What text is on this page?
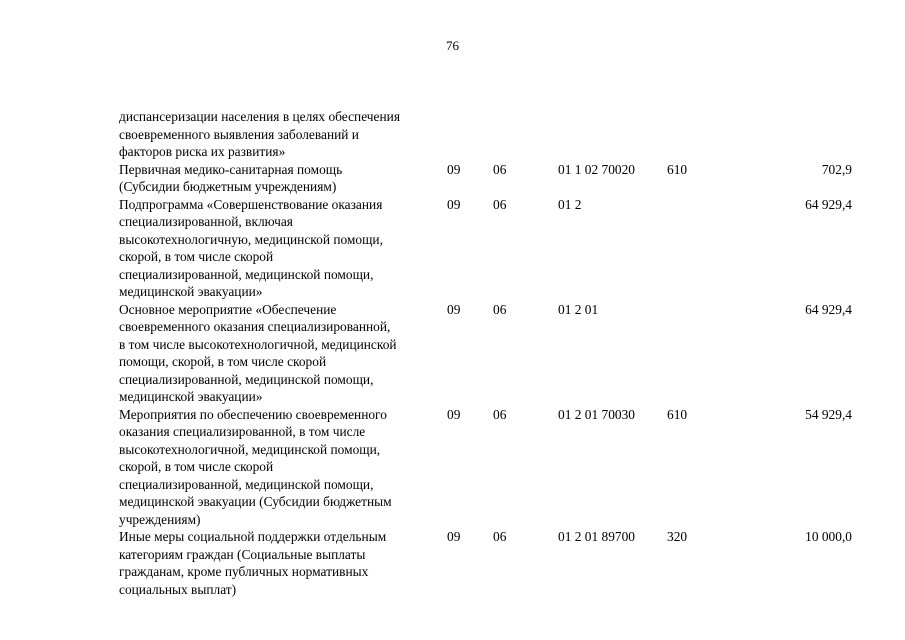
76
диспансеризации населения в целях обеспечения
своевременного выявления заболеваний и
факторов риска их развития»
Первичная медико-санитарная помощь
(Субсидии бюджетным учреждениям)
09 06	01 1 02 70020 610	702,9
Подпрограмма «Совершенствование оказания
специализированной, включая
высокотехнологичную, медицинской помощи,
скорой, в том числе скорой
специализированной, медицинской помощи,
медицинской эвакуации»
09 06	01 2	64 929,4
Основное мероприятие «Обеспечение
своевременного оказания специализированной,
в том числе высокотехнологичной, медицинской
помощи, скорой, в том числе скорой
специализированной, медицинской помощи,
медицинской эвакуации»
09 06	01 2 01	64 929,4
Мероприятия по обеспечению своевременного
оказания специализированной, в том числе
высокотехнологичной, медицинской помощи,
скорой, в том числе скорой
специализированной, медицинской помощи,
медицинской эвакуации (Субсидии бюджетным
учреждениям)
09 06	01 2 01 70030 610	54 929,4
Иные меры социальной поддержки отдельным
категориям граждан (Социальные выплаты
гражданам, кроме публичных нормативных
социальных выплат)
09 06	01 2 01 89700 320	10 000,0
